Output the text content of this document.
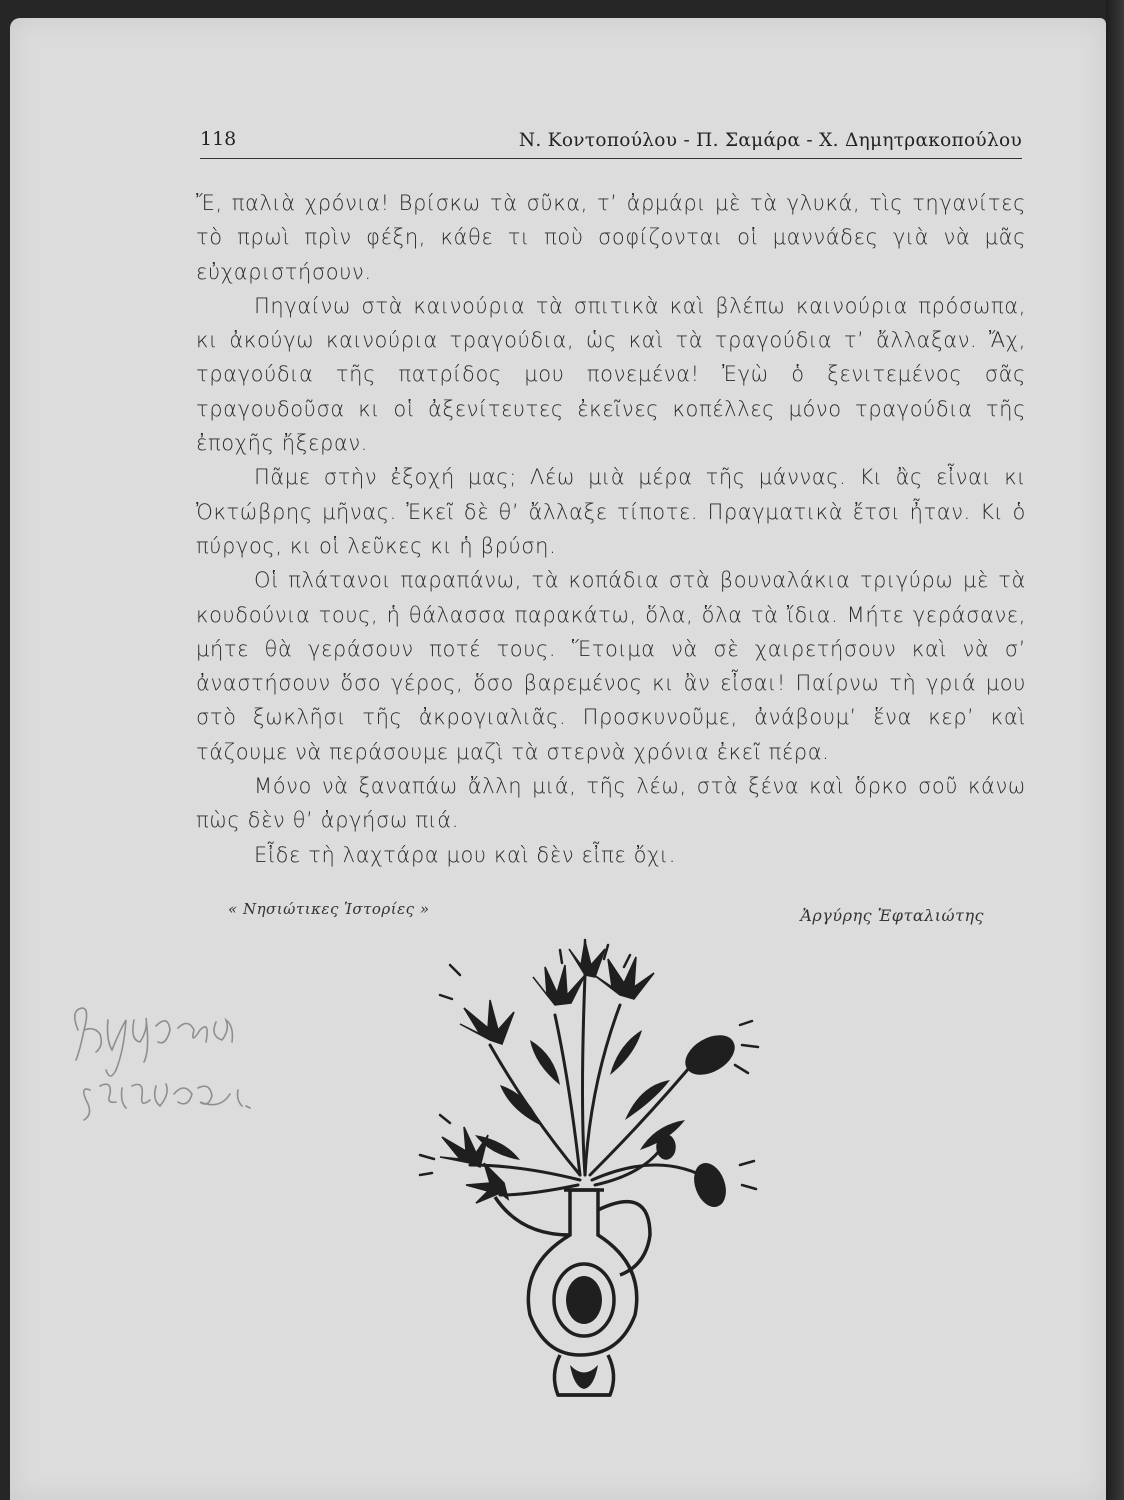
118	Ν. Κοντοπούλου - Π. Σαμάρα - Χ. Δημητρακοπούλου

Ἔ, παλιὰ χρόνια! Βρίσκω τὰ σῦκα, τ’ ἀρμάρι μὲ τὰ γλυκά, τὶς τηγανίτες τὸ πρωὶ πρὶν φέξη, κάθε τι ποὺ σοφίζονται οἱ μαννάδες γιὰ νὰ μᾶς εὐχαριστήσουν.

Πηγαίνω στὰ καινούρια τὰ σπιτικὰ καὶ βλέπω καινούρια πρόσωπα, κι ἀκούγω καινούρια τραγούδια, ὡς καὶ τὰ τραγούδια τ’ ἄλλαξαν. Ἄχ, τραγούδια τῆς πατρίδος μου πονεμένα! Ἐγὼ ὁ ξενιτεμένος σᾶς τραγουδοῦσα κι οἱ ἀξενίτευτες ἐκεῖνες κοπέλλες μόνο τραγούδια τῆς ἐποχῆς ἤξεραν.

Πᾶμε στὴν ἐξοχή μας; Λέω μιὰ μέρα τῆς μάννας. Κι ἂς εἶναι κι Ὀκτώβρης μῆνας. Ἐκεῖ δὲ θ’ ἄλλαξε τίποτε. Πραγματικὰ ἔτσι ἦταν. Κι ὁ πύργος, κι οἱ λεῦκες κι ἡ βρύση.

Οἱ πλάτανοι παραπάνω, τὰ κοπάδια στὰ βουναλάκια τριγύρω μὲ τὰ κουδούνια τους, ἡ θάλασσα παρακάτω, ὅλα, ὅλα τὰ ἴδια. Μήτε γεράσανε, μήτε θὰ γεράσουν ποτέ τους. Ἕτοιμα νὰ σὲ χαιρετήσουν καὶ νὰ σ’ ἀναστήσουν ὅσο γέρος, ὅσο βαρεμένος κι ἂν εἶσαι! Παίρνω τὴ γριά μου στὸ ξωκλῆσι τῆς ἀκρογιαλιᾶς. Προσκυνοῦμε, ἀνάβουμ’ ἕνα κερ’ καὶ τάζουμε νὰ περάσουμε μαζὶ τὰ στερνὰ χρόνια ἐκεῖ πέρα.

Μόνο νὰ ξαναπάω ἄλλη μιά, τῆς λέω, στὰ ξένα καὶ ὅρκο σοῦ κάνω πὼς δὲν θ’ ἀργήσω πιά.

Εἶδε τὴ λαχτάρα μου καὶ δὲν εἶπε ὄχι.

« Νησιώτικες Ἱστορίες »	Ἀργύρης Ἐφταλιώτης
